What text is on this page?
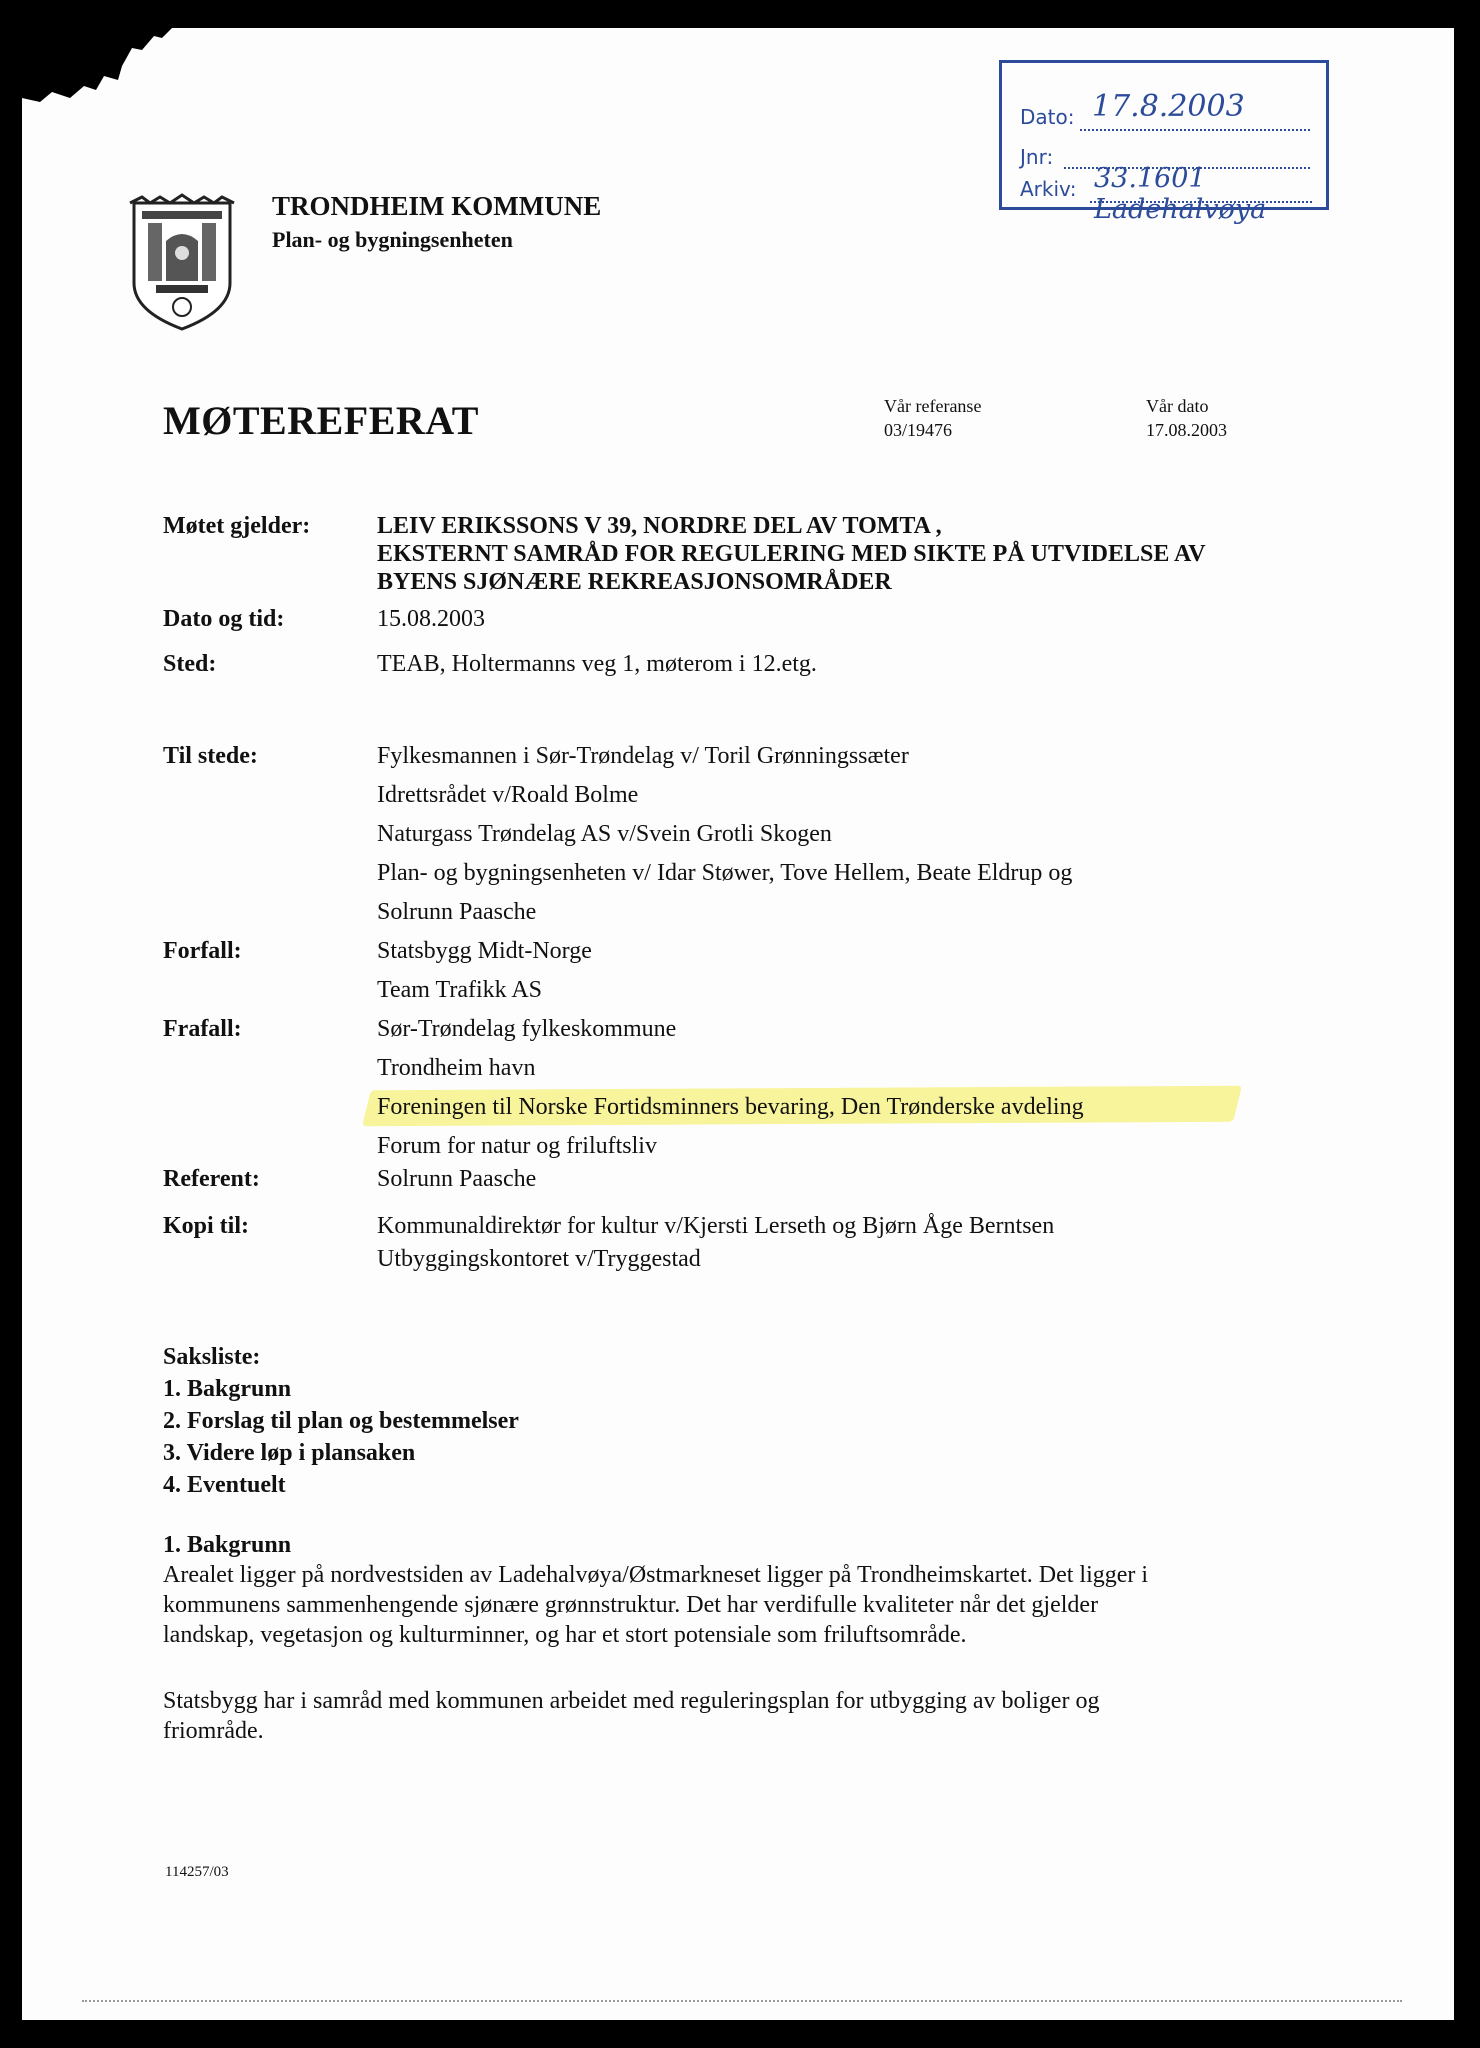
Dato: 17.8.2003
Jnr:
Arkiv: 33.1601 Ladehalvøya
TRONDHEIM KOMMUNE
Plan- og bygningsenheten
MØTEREFERAT	Vår referanse
03/19476
Vår dato
17.08.2003
Møtet gjelder:	LEIV ERIKSSONS V 39, NORDRE DEL AV TOMTA ,
EKSTERNT SAMRÅD FOR REGULERING MED SIKTE PÅ UTVIDELSE AV
BYENS SJØNÆRE REKREASJONSOMRÅDER
Dato og tid:	15.08.2003
Sted:	TEAB, Holtermanns veg 1, møterom i 12.etg.
Til stede:	Fylkesmannen i Sør-Trøndelag v/ Toril Grønningssæter
Idrettsrådet v/Roald Bolme
Naturgass Trøndelag AS v/Svein Grotli Skogen
Plan- og bygningsenheten v/ Idar Støwer, Tove Hellem, Beate Eldrup og
Solrunn Paasche
Forfall:	Statsbygg Midt-Norge
Team Trafikk AS
Frafall:	Sør-Trøndelag fylkeskommune
Trondheim havn
Foreningen til Norske Fortidsminners bevaring, Den Trønderske avdeling
Forum for natur og friluftsliv
Referent:	Solrunn Paasche
Kopi til:	Kommunaldirektør for kultur v/Kjersti Lerseth og Bjørn Åge Berntsen
Utbyggingskontoret v/Tryggestad
Saksliste:
1. Bakgrunn
2. Forslag til plan og bestemmelser
3. Videre løp i plansaken
4. Eventuelt
1. Bakgrunn
Arealet ligger på nordvestsiden av Ladehalvøya/Østmarkneset ligger på Trondheimskartet. Det ligger i
kommunens sammenhengende sjønære grønnstruktur. Det har verdifulle kvaliteter når det gjelder
landskap, vegetasjon og kulturminner, og har et stort potensiale som friluftsområde.
Statsbygg har i samråd med kommunen arbeidet med reguleringsplan for utbygging av boliger og
friområde.
114257/03
